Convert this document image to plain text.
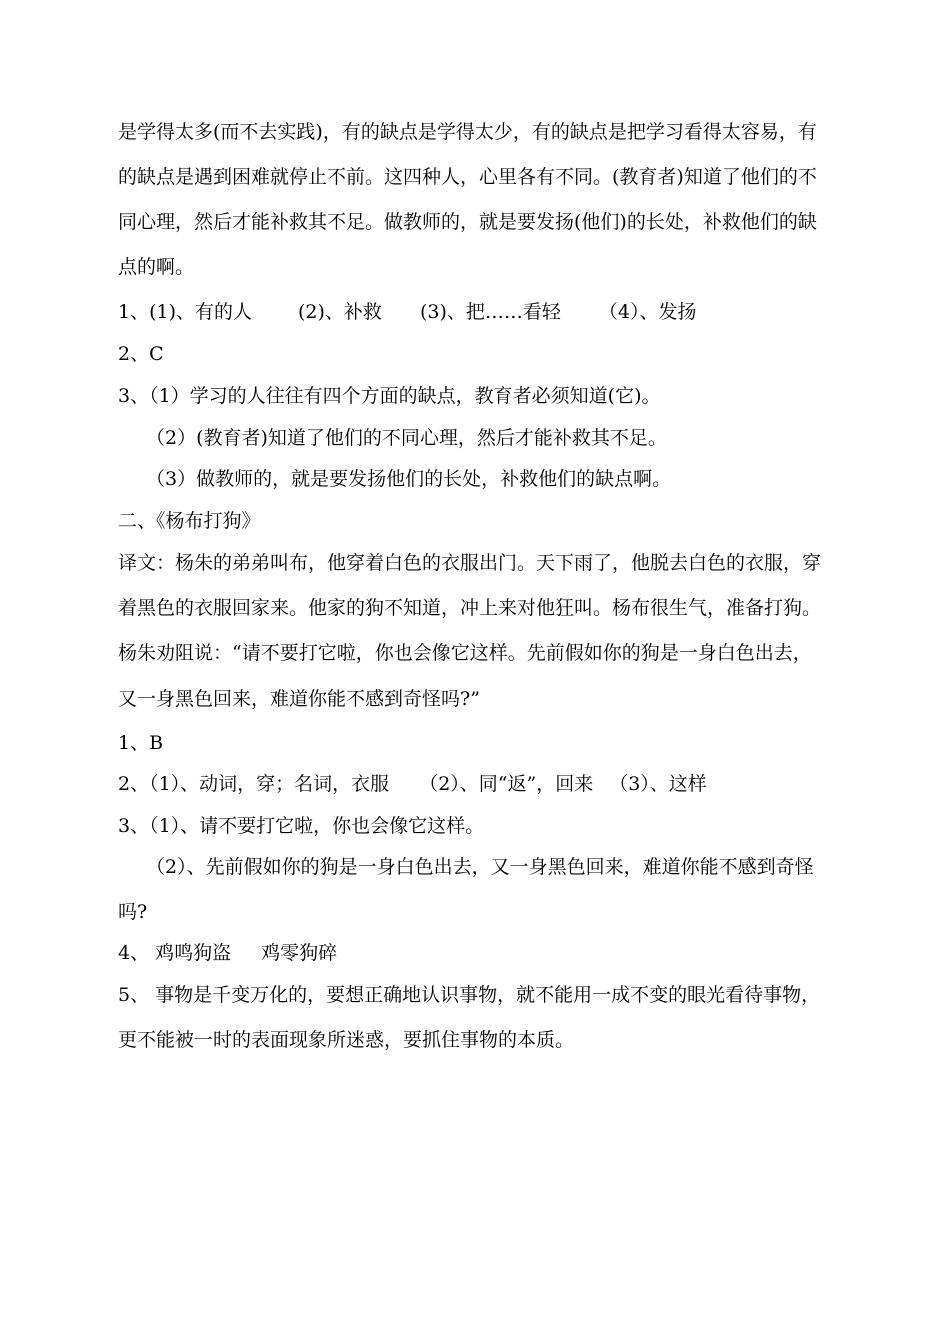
是学得太多(而不去实践)，有的缺点是学得太少，有的缺点是把学习看得太容易，有
的缺点是遇到困难就停止不前。这四种人，心里各有不同。(教育者)知道了他们的不
同心理，然后才能补救其不足。做教师的，就是要发扬(他们)的长处，补救他们的缺
点的啊。
1、(1)、有的人 (2)、补救 (3)、把……看轻 （4）、发扬
2、C
3、（1）学习的人往往有四个方面的缺点，教育者必须知道(它)。
（2）(教育者)知道了他们的不同心理，然后才能补救其不足。
（3）做教师的，就是要发扬他们的长处，补救他们的缺点啊。
二、《杨布打狗》
译文：杨朱的弟弟叫布，他穿着白色的衣服出门。天下雨了，他脱去白色的衣服，穿
着黑色的衣服回家来。他家的狗不知道，冲上来对他狂叫。杨布很生气，准备打狗。
杨朱劝阻说：“请不要打它啦，你也会像它这样。先前假如你的狗是一身白色出去，
又一身黑色回来，难道你能不感到奇怪吗?”
1、B
2、（1）、动词，穿；名词，衣服 （2）、同“返”，回来 （3）、这样
3、（1）、请不要打它啦，你也会像它这样。
（2）、先前假如你的狗是一身白色出去，又一身黑色回来，难道你能不感到奇怪
吗?
4、 鸡鸣狗盗 鸡零狗碎
5、 事物是千变万化的，要想正确地认识事物，就不能用一成不变的眼光看待事物，
更不能被一时的表面现象所迷惑，要抓住事物的本质。
